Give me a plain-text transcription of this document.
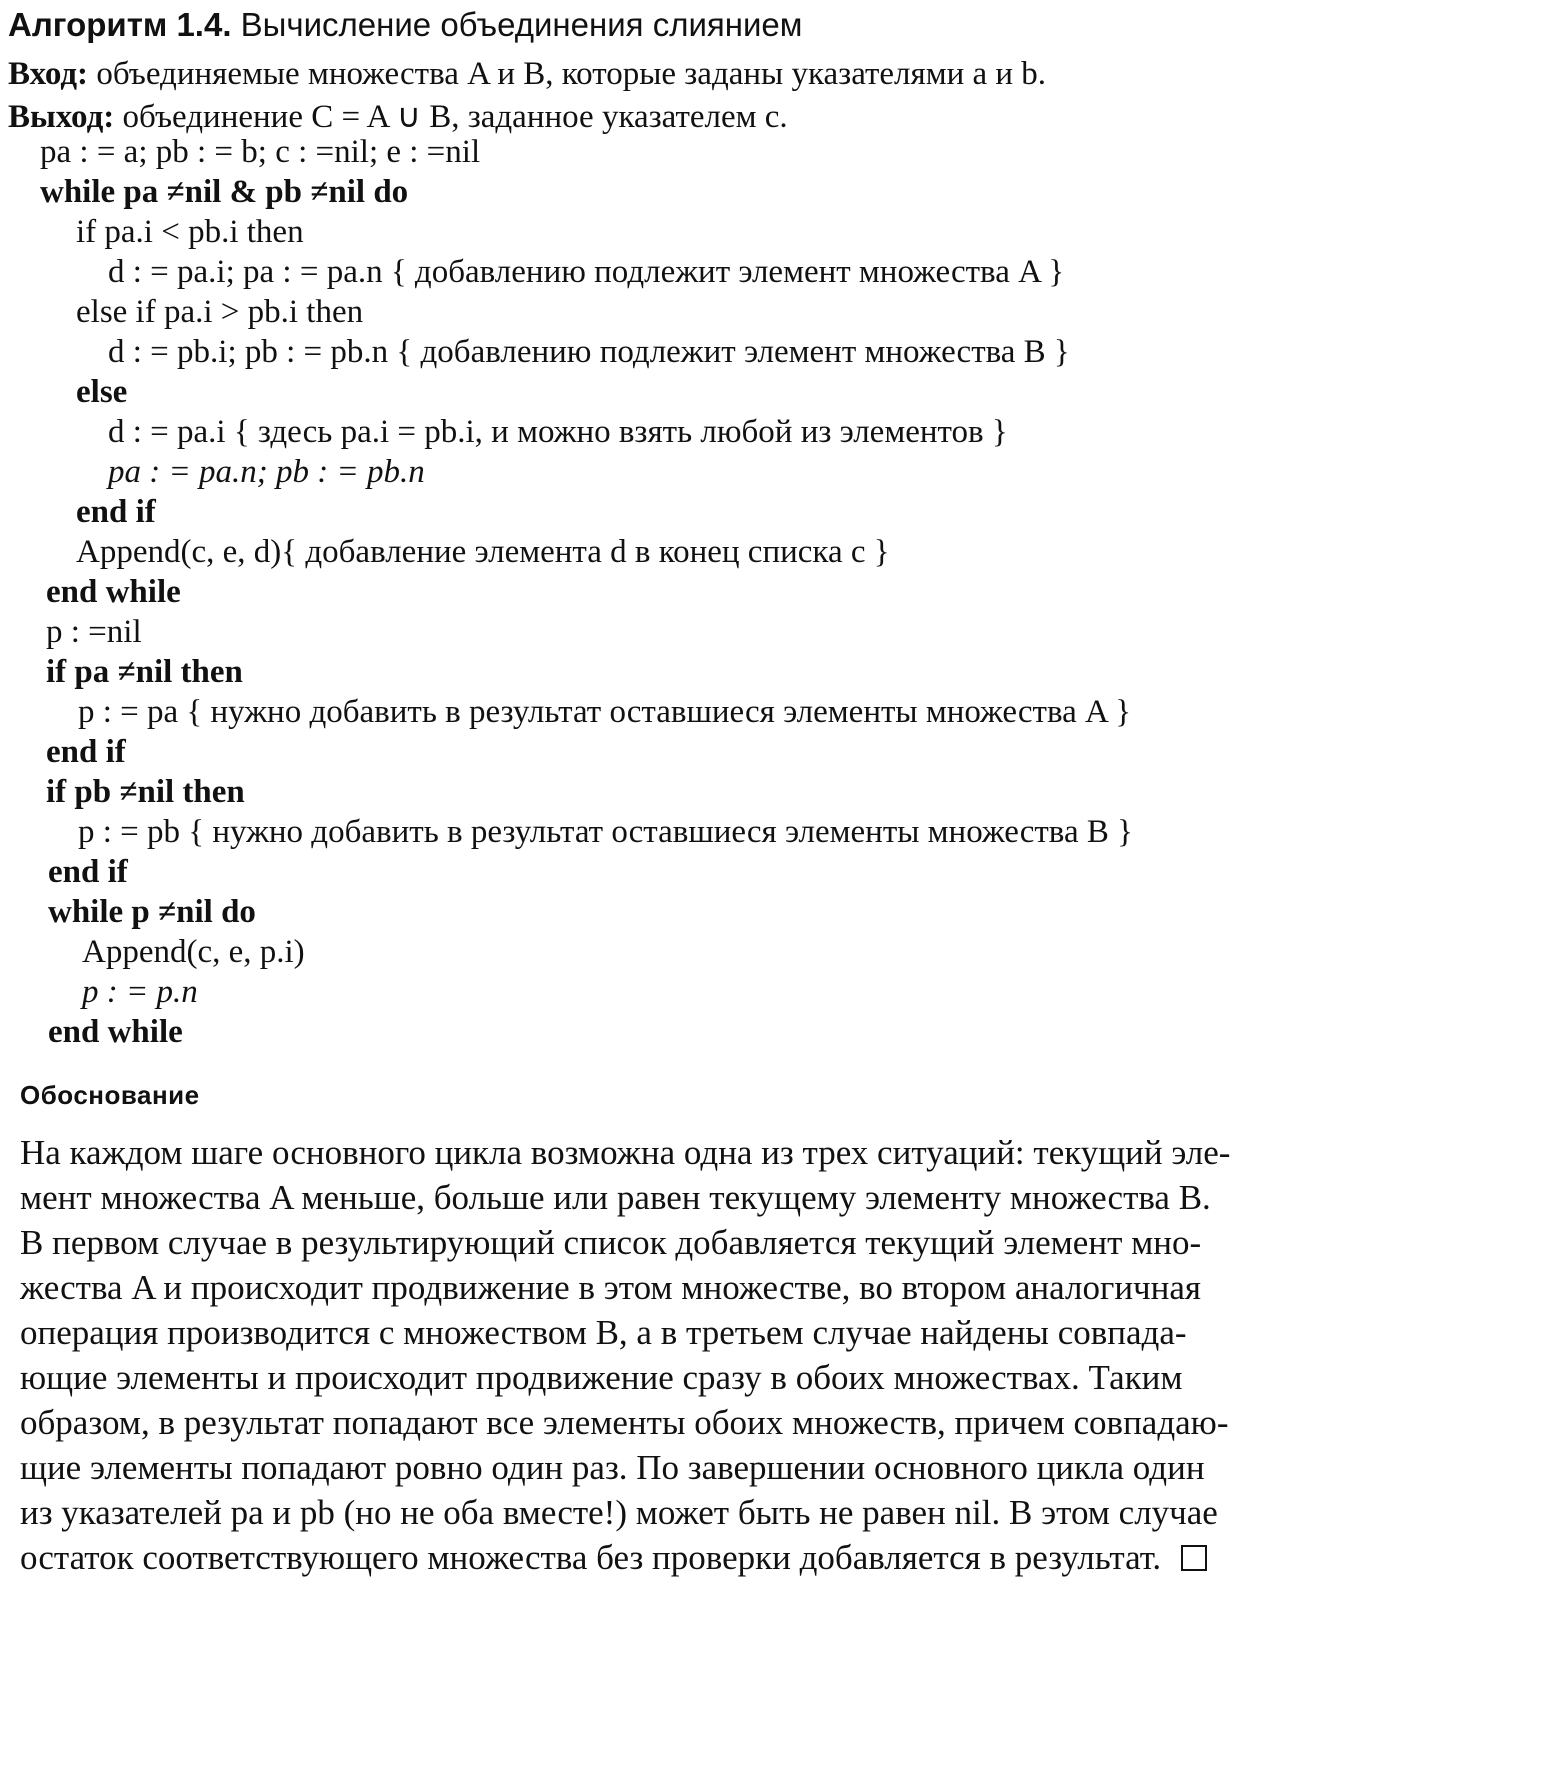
Алгоритм 1.4. Вычисление объединения слиянием
Вход: объединяемые множества A и B, которые заданы указателями a и b.
Выход: объединение C = A ∪ B, заданное указателем c.
pa : = a; pb : = b; c : =nil; e : =nil
while pa ≠nil & pb ≠nil do
if pa.i < pb.i then
d : = pa.i; pa : = pa.n { добавлению подлежит элемент множества A }
else if pa.i > pb.i then
d : = pb.i; pb : = pb.n { добавлению подлежит элемент множества B }
else
d : = pa.i { здесь pa.i = pb.i, и можно взять любой из элементов }
pa : = pa.n; pb : = pb.n
end if
Append(c, e, d){ добавление элемента d в конец списка c }
end while
p : =nil
if pa ≠nil then
p : = pa { нужно добавить в результат оставшиеся элементы множества A }
end if
if pb ≠nil then
p : = pb { нужно добавить в результат оставшиеся элементы множества B }
end if
while p ≠nil do
Append(c, e, p.i)
p : = p.n
end while
Обоснование
На каждом шаге основного цикла возможна одна из трех ситуаций: текущий эле-
мент множества A меньше, больше или равен текущему элементу множества B.
В первом случае в результирующий список добавляется текущий элемент мно-
жества A и происходит продвижение в этом множестве, во втором аналогичная
операция производится с множеством B, а в третьем случае найдены совпада-
ющие элементы и происходит продвижение сразу в обоих множествах. Таким
образом, в результат попадают все элементы обоих множеств, причем совпадаю-
щие элементы попадают ровно один раз. По завершении основного цикла один
из указателей pa и pb (но не оба вместе!) может быть не равен nil. В этом случае
остаток соответствующего множества без проверки добавляется в результат.
